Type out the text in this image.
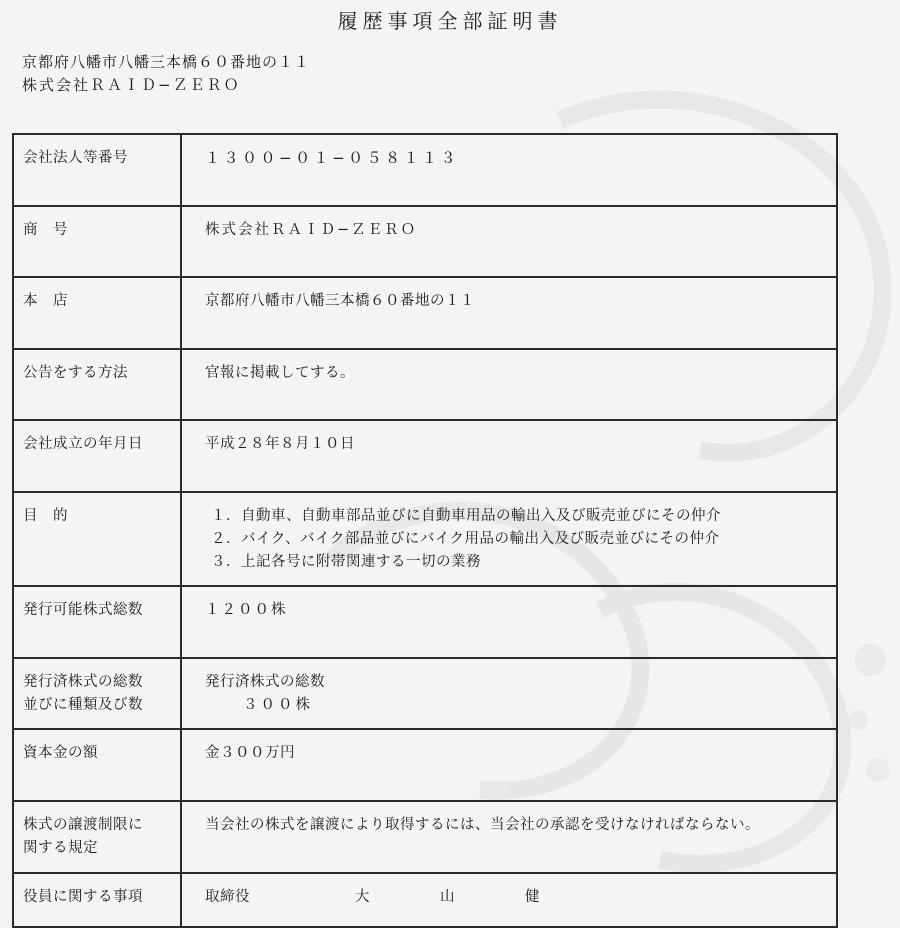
履歴事項全部証明書
京都府八幡市八幡三本橋６０番地の１１
株式会社ＲＡＩＤ−ＺＥＲＯ
会社法人等番号	１３００−０１−０５８１１３
商　号	株式会社ＲＡＩＤ−ＺＥＲＯ
本　店	京都府八幡市八幡三本橋６０番地の１１
公告をする方法	官報に掲載してする。
会社成立の年月日	平成２８年８月１０日
目　的	１．自動車、自動車部品並びに自動車用品の輸出入及び販売並びにその仲介
２．バイク、バイク部品並びにバイク用品の輸出入及び販売並びにその仲介
３．上記各号に附帯関連する一切の業務

発行可能株式総数	１２００株

発行済株式の総数
並びに種類及び数	発行済株式の総数
３００株

資本金の額	金３００万円

株式の譲渡制限に
関する規定	当会社の株式を譲渡により取得するには、当会社の承認を受けなければならない。
役員に関する事項	取締役 大　山　健
